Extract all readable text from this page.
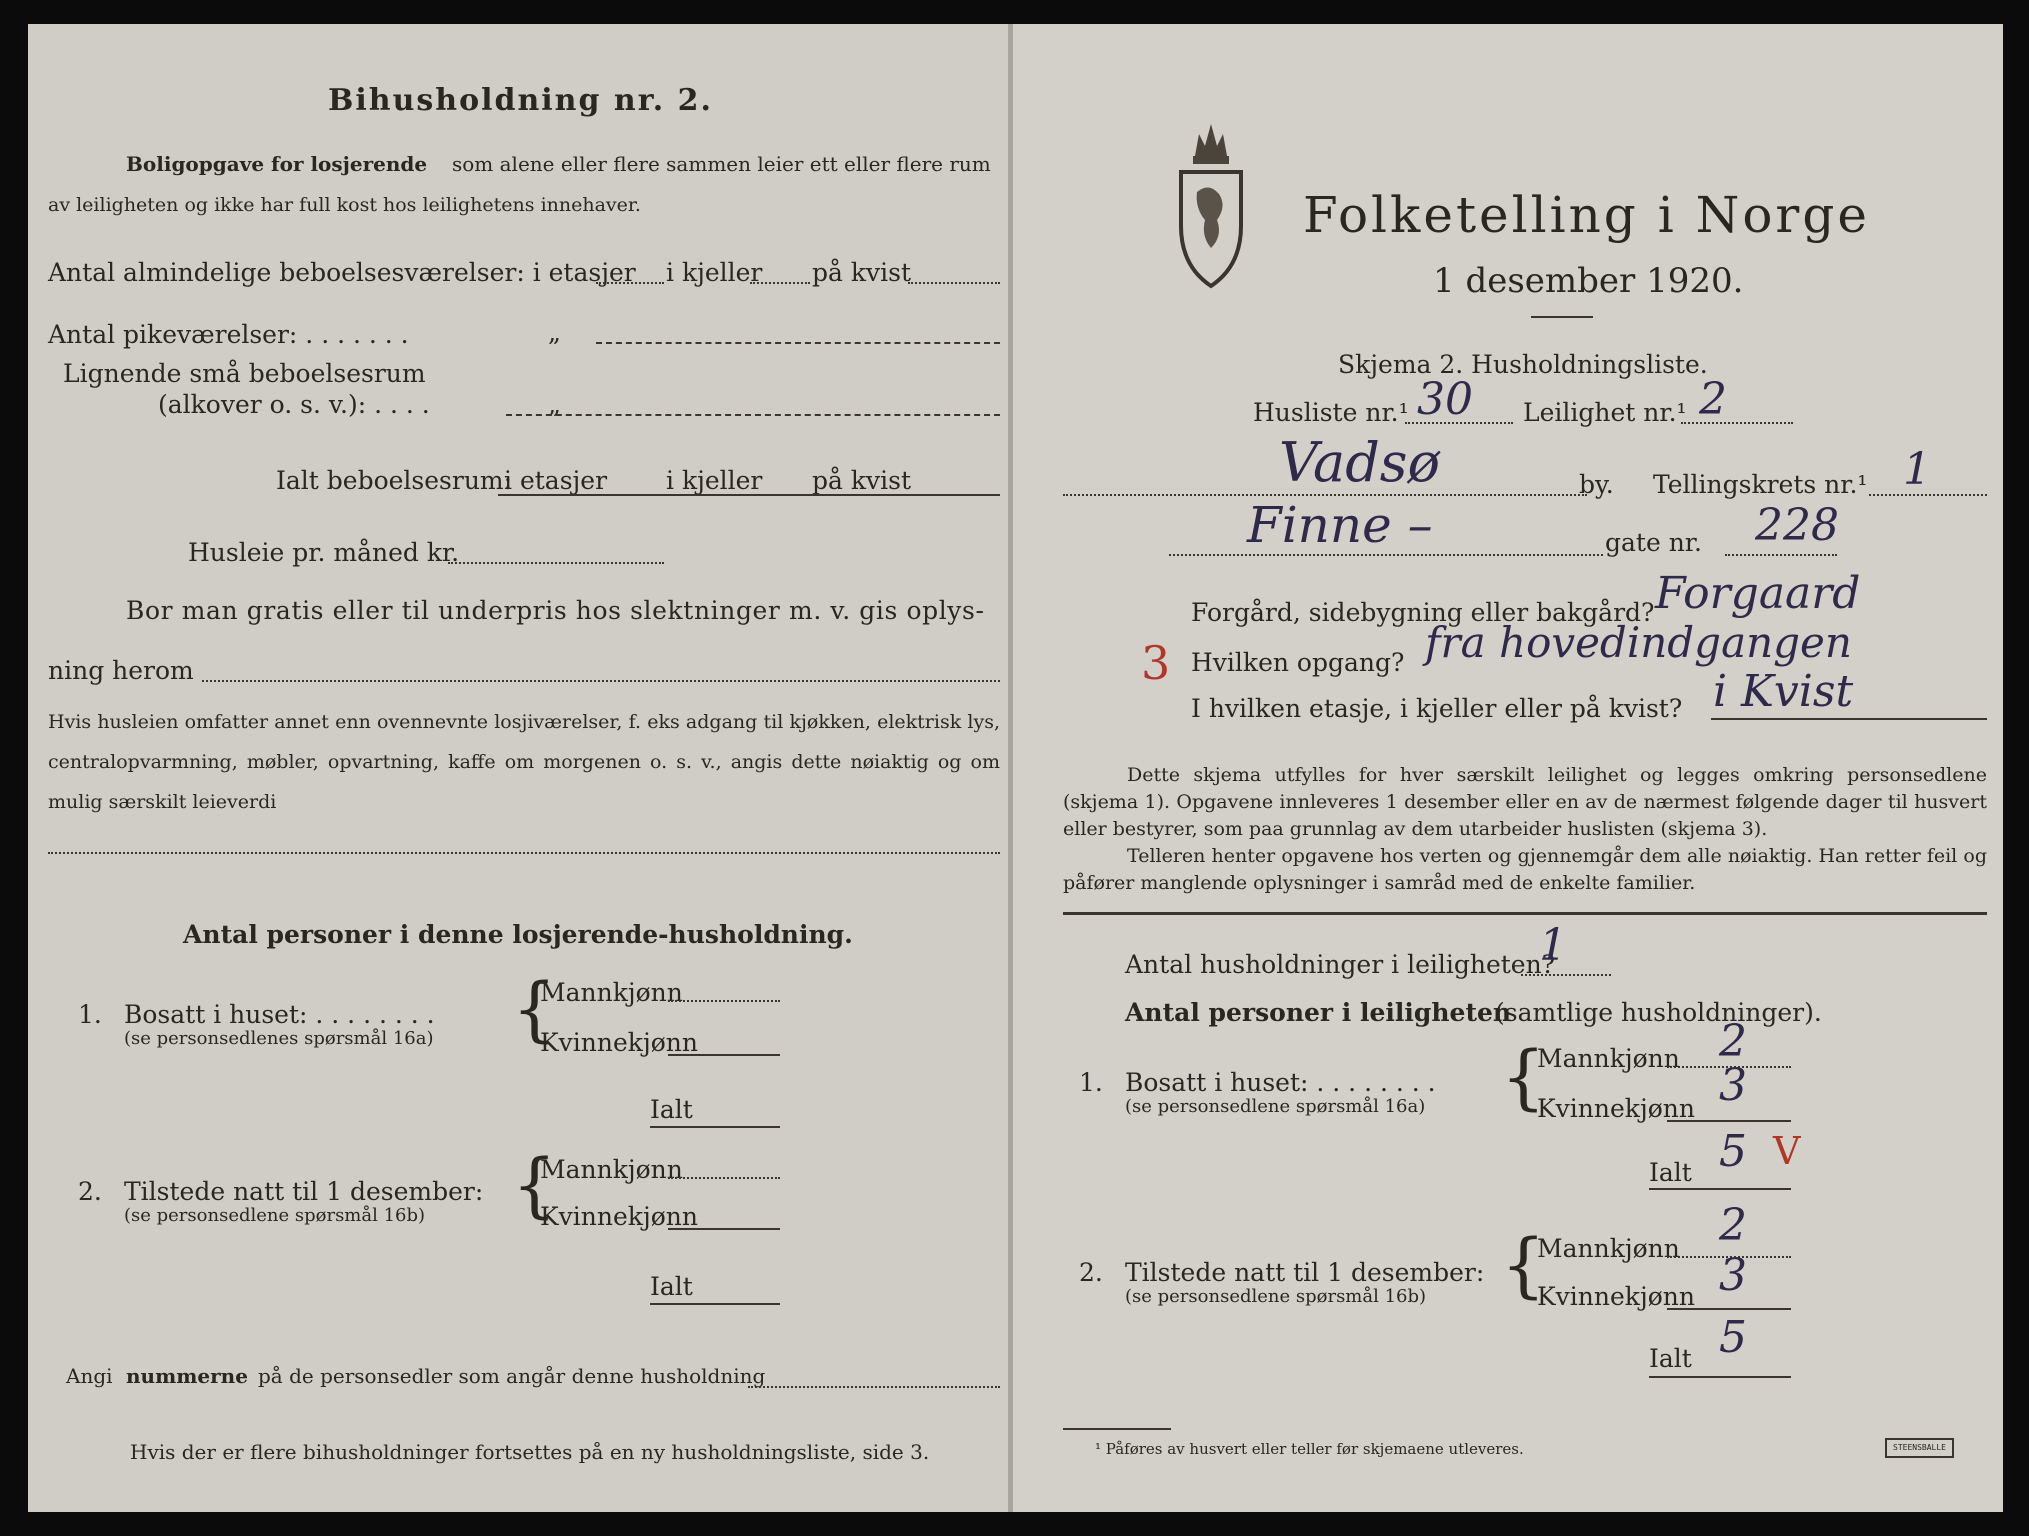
Bihusholdning nr. 2.
Boligopgave for losjerende som alene eller flere sammen leier ett eller flere rum
av leiligheten og ikke har full kost hos leilighetens innehaver.
Antal almindelige beboelsesværelser: i etasjer i kjeller på kvist
Antal pikeværelser: . . . . . . .	„
Lignende små beboelsesrum
(alkover o. s. v.): . . . .	„
Ialt beboelsesrum:
i etasjer i kjeller på kvist
Husleie pr. måned kr.
Bor man gratis eller til underpris hos slektninger m. v. gis oplys-
ning herom

Hvis husleien omfatter annet enn ovennevnte losjiværelser, f. eks adgang til kjøkken, elektrisk lys, centralopvarmning, møbler, opvartning, kaffe om morgenen o. s. v., angis dette nøiaktig og om mulig særskilt leieverdi

Antal personer i denne losjerende-husholdning.
1. Bosatt i huset: . . . . . . . .
(se personsedlenes spørsmål 16a) {
Mannkjønn
Kvinnekjønn
Ialt
2. Tilstede natt til 1 desember:
(se personsedlene spørsmål 16b) {
Mannkjønn
Kvinnekjønn
Ialt
Angi nummerne på de personsedler som angår denne husholdning
Hvis der er flere bihusholdninger fortsettes på en ny husholdningsliste, side 3.
Folketelling i Norge
1 desember 1920.
Skjema 2. Husholdningsliste.
Husliste nr.¹ 30 Leilighet nr.¹ 2
Vadsø	by. Tellingskrets nr.¹ 1
Finne –	gate nr. 228
Forgård, sidebygning eller bakgård? Forgaard
3 Hvilken opgang? fra hovedindgangen
I hvilken etasje, i kjeller eller på kvist? i Kvist

Dette skjema utfylles for hver særskilt leilighet og legges omkring personsedlene (skjema 1). Opgavene innleveres 1 desember eller en av de nærmest følgende dager til husvert eller bestyrer, som paa grunnlag av dem utarbeider huslisten (skjema 3).

Telleren henter opgavene hos verten og gjennemgår dem alle nøiaktig. Han retter feil og påfører manglende oplysninger i samråd med de enkelte familier.

Antal husholdninger i leiligheten?
1
Antal personer i leiligheten
(samtlige husholdninger).
1. Bosatt i huset: . . . . . . . .
(se personsedlene spørsmål 16a) {
Mannkjønn 2
Kvinnekjønn 3
Ialt 5 V
2. Tilstede natt til 1 desember:
(se personsedlene spørsmål 16b) {
Mannkjønn 2
Kvinnekjønn 3
Ialt 5
¹ Påføres av husvert eller teller før skjemaene utleveres.	STEENSBALLE
